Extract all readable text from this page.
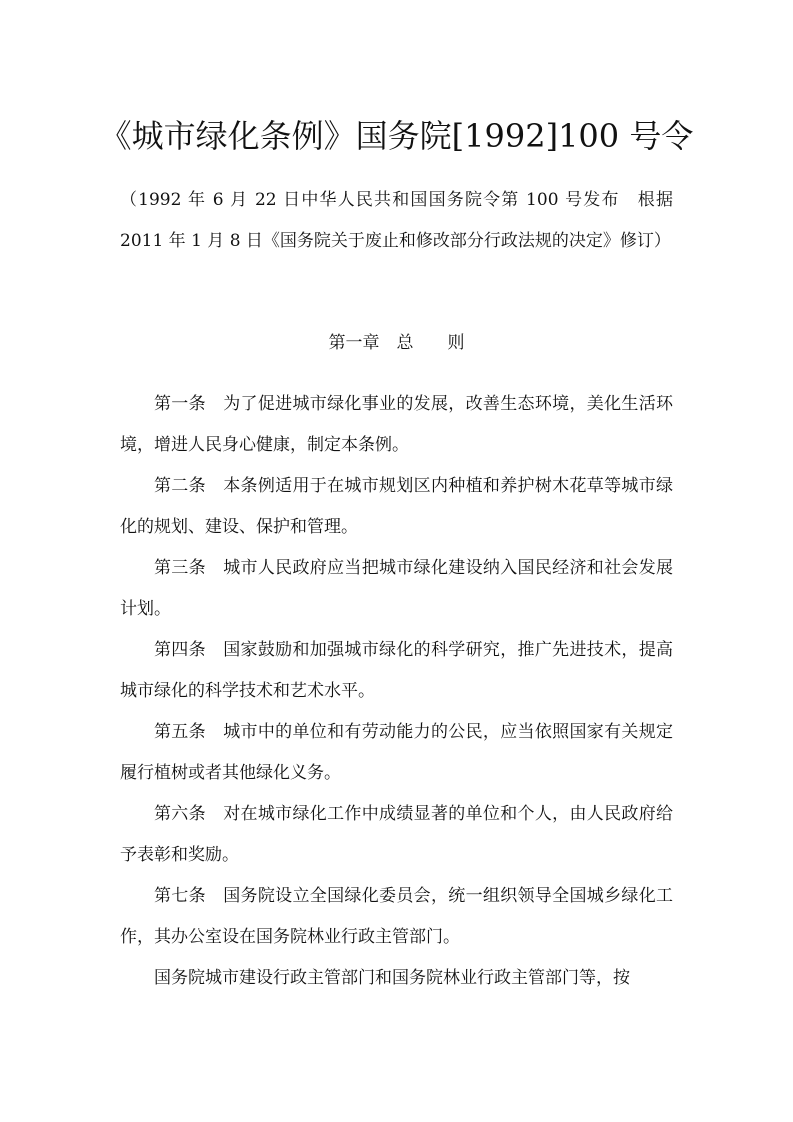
《城市绿化条例》国务院[1992]100 号令
（1992 年 6 月 22 日中华人民共和国国务院令第 100 号发布　根据 2011 年 1 月 8 日《国务院关于废止和修改部分行政法规的决定》修订）
第一章　总　　则

第一条　 为了促进城市绿化事业的发展，改善生态环境，美化生活环境，增进人民身心健康，制定本条例。

第二条　 本条例适用于在城市规划区内种植和养护树木花草等城市绿化的规划、建设、保护和管理。

第三条　 城市人民政府应当把城市绿化建设纳入国民经济和社会发展计划。

第四条　 国家鼓励和加强城市绿化的科学研究，推广先进技术，提高城市绿化的科学技术和艺术水平。

第五条　 城市中的单位和有劳动能力的公民，应当依照国家有关规定履行植树或者其他绿化义务。

第六条　 对在城市绿化工作中成绩显著的单位和个人，由人民政府给予表彰和奖励。

第七条　 国务院设立全国绿化委员会，统一组织领导全国城乡绿化工作，其办公室设在国务院林业行政主管部门。

国务院城市建设行政主管部门和国务院林业行政主管部门等，按
